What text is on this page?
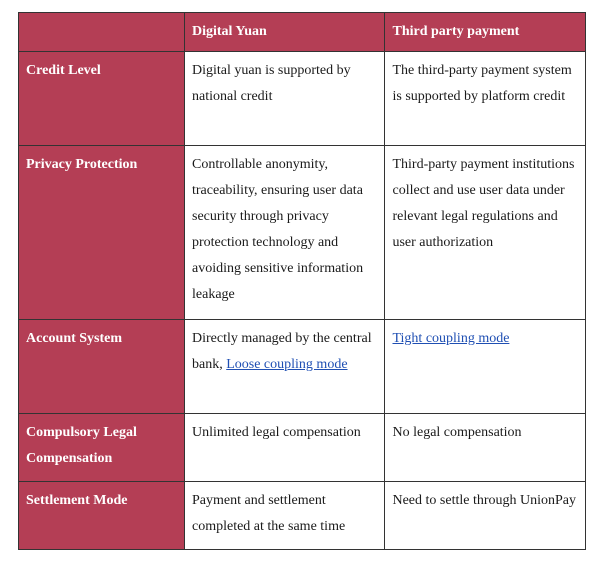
	Digital Yuan	Third party payment
Credit Level	Digital yuan is supported by national credit	The third-party payment system is supported by platform credit
Privacy Protection	Controllable anonymity, traceability, ensuring user data security through privacy protection technology and avoiding sensitive information leakage	Third-party payment institutions collect and use user data under relevant legal regulations and user authorization
Account System	Directly managed by the central bank, Loose coupling mode	Tight coupling mode
Compulsory Legal Compensation	Unlimited legal compensation	No legal compensation
Settlement Mode	Payment and settlement completed at the same time	Need to settle through UnionPay
